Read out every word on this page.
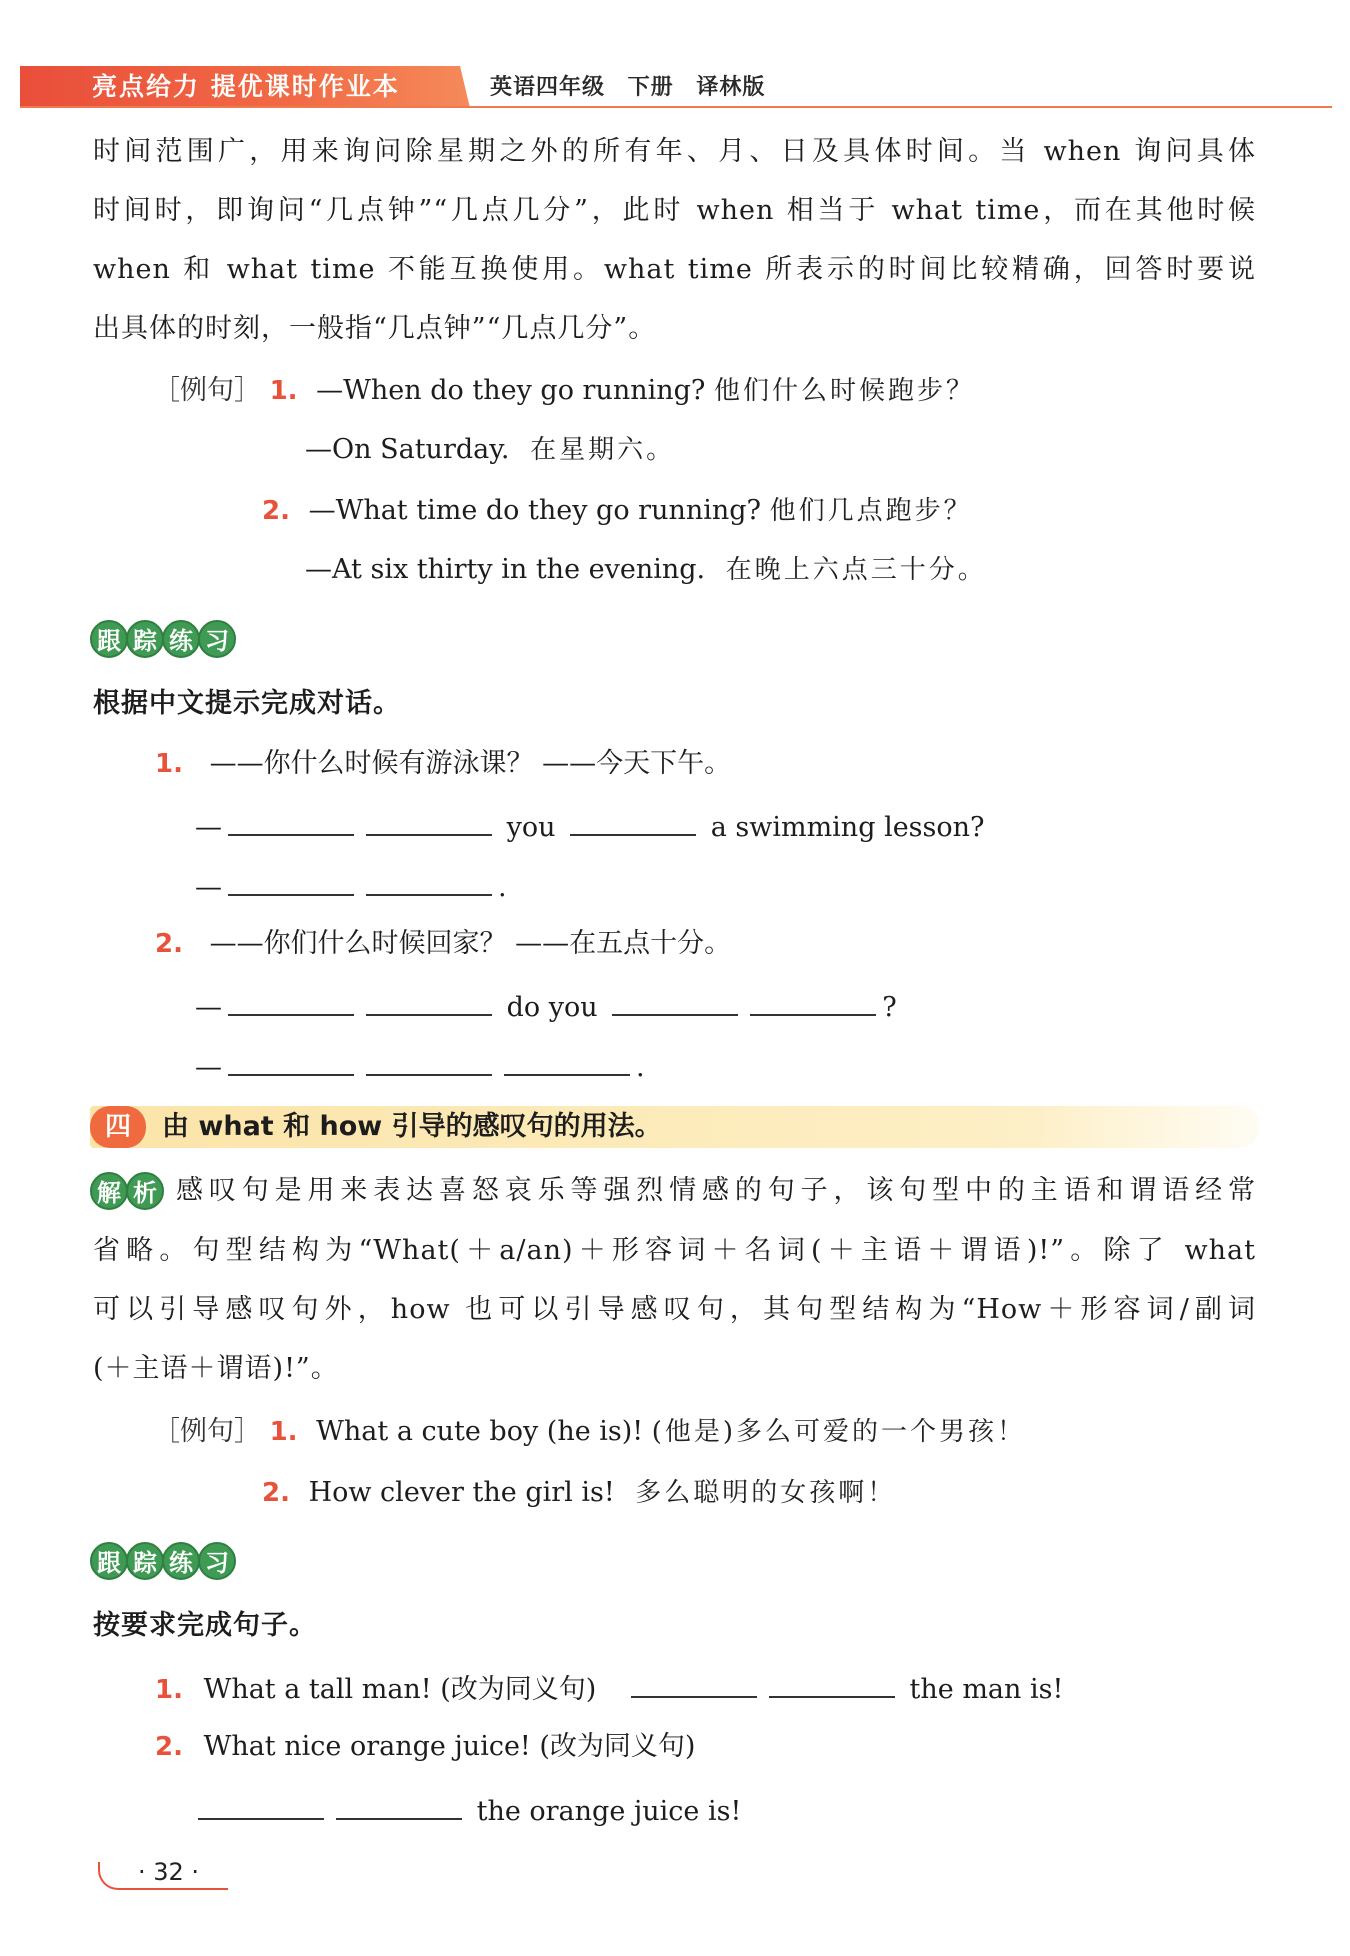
亮点给力 提优课时作业本	英语四年级 下册 译林版
时间范围广，用来询问除星期之外的所有年、月、日及具体时间。当 when 询问具体
时间时，即询问“几点钟”“几点几分”，此时 when 相当于 what time，而在其他时候
when 和 what time 不能互换使用。what time 所表示的时间比较精确，回答时要说
出具体的时刻，一般指“几点钟”“几点几分”。
［例句］ 1. —When do they go running? 他们什么时候跑步？
—On Saturday. 在星期六。
2. —What time do they go running? 他们几点跑步？
—At six thirty in the evening. 在晚上六点三十分。
跟 踪 练 习
根据中文提示完成对话。
1. ——你什么时候有游泳课？ ——今天下午。
—	you	a swimming lesson?
—	.
2. ——你们什么时候回家？ ——在五点十分。
—	do you	?
—	.
四	由 what 和 how 引导的感叹句的用法。
解 析 感叹句是用来表达喜怒哀乐等强烈情感的句子，该句型中的主语和谓语经常
省略。句型结构为“What(＋a/an)＋形容词＋名词(＋主语＋谓语)!”。除了 what
可以引导感叹句外，how 也可以引导感叹句，其句型结构为“How＋形容词/副词
(＋主语＋谓语)!”。
［例句］ 1. What a cute boy (he is)! (他是)多么可爱的一个男孩！
2. How clever the girl is! 多么聪明的女孩啊！
跟 踪 练 习
按要求完成句子。
1. What a tall man! (改为同义句)	the man is!
2. What nice orange juice! (改为同义句)
the orange juice is!
· 32 ·
